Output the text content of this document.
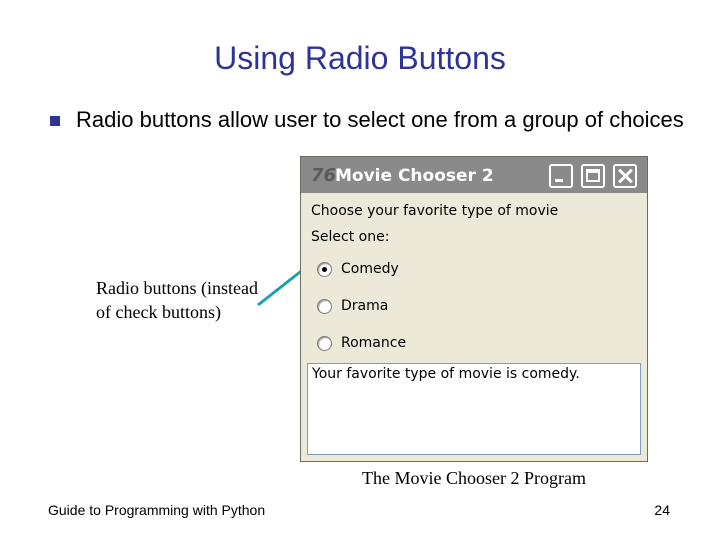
Using Radio Buttons
Radio buttons allow user to select one from a group of choices
Radio buttons (instead of check buttons)
76
Movie Chooser 2
Choose your favorite type of movie
Select one:
Comedy
Drama
Romance
Your favorite type of movie is comedy.
The Movie Chooser 2 Program
Guide to Programming with Python	24
